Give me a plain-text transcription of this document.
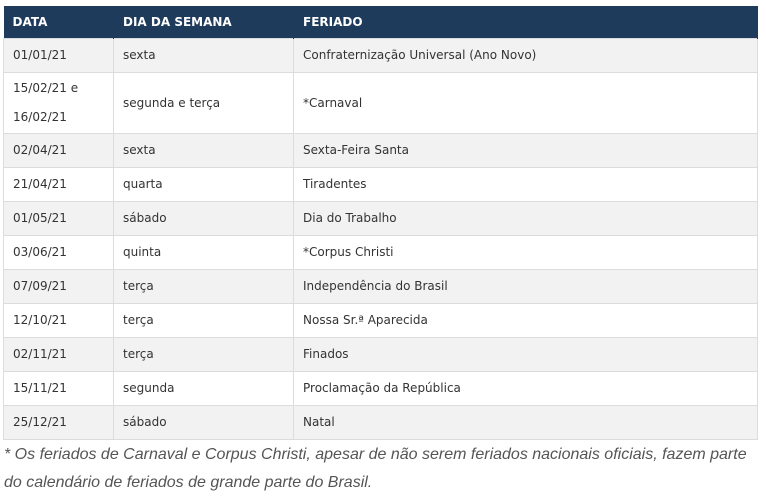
DATA	DIA DA SEMANA	FERIADO
01/01/21	sexta	Confraternização Universal (Ano Novo)
15/02/21 e 16/02/21	segunda e terça	*Carnaval
02/04/21	sexta	Sexta-Feira Santa
21/04/21	quarta	Tiradentes
01/05/21	sábado	Dia do Trabalho
03/06/21	quinta	*Corpus Christi
07/09/21	terça	Independência do Brasil
12/10/21	terça	Nossa Sr.ª Aparecida
02/11/21	terça	Finados
15/11/21	segunda	Proclamação da República
25/12/21	sábado	Natal
* Os feriados de Carnaval e Corpus Christi, apesar de não serem feriados nacionais oficiais, fazem parte do calendário de feriados de grande parte do Brasil.
